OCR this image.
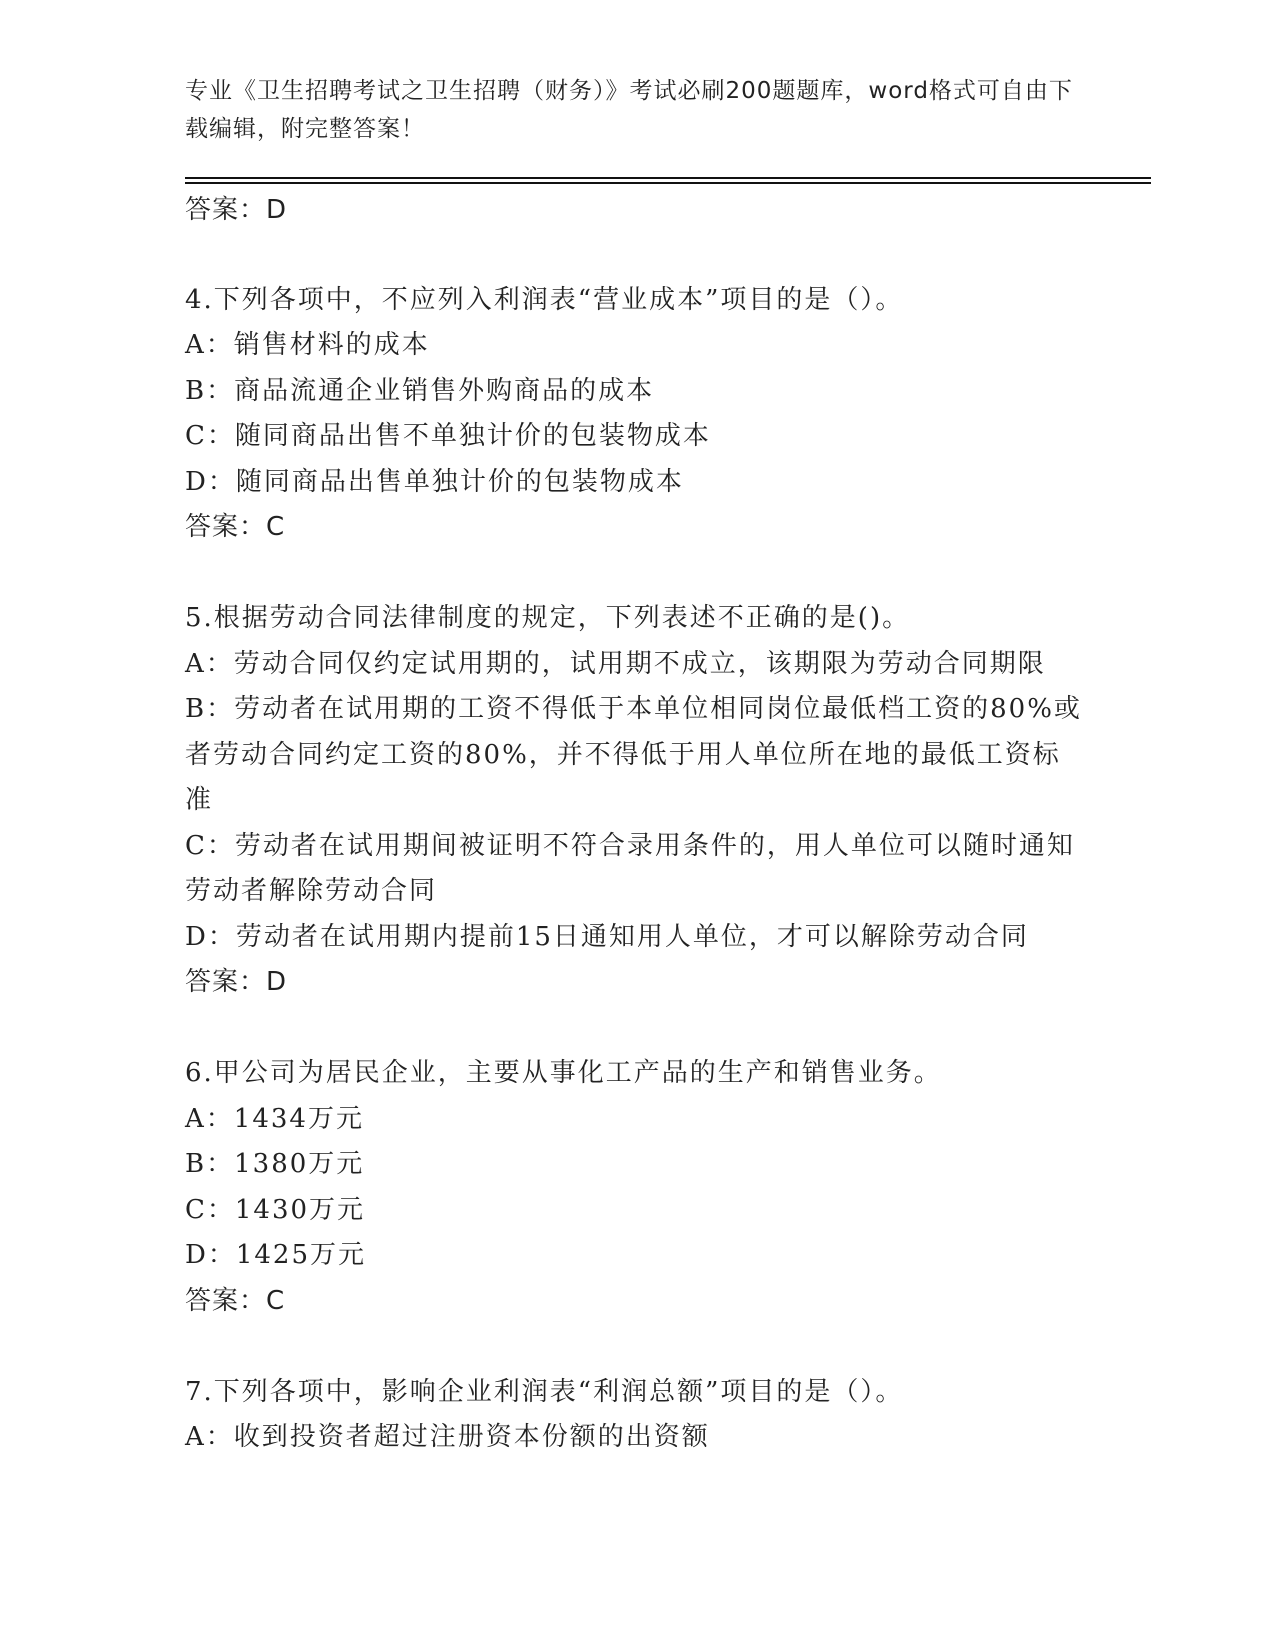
专业《卫生招聘考试之卫生招聘（财务）》考试必刷200题题库，word格式可自由下载编辑，附完整答案！
答案：D
4.下列各项中，不应列入利润表“营业成本”项目的是（）。
A：销售材料的成本
B：商品流通企业销售外购商品的成本
C：随同商品出售不单独计价的包装物成本
D：随同商品出售单独计价的包装物成本
答案：C
5.根据劳动合同法律制度的规定，下列表述不正确的是()。
A：劳动合同仅约定试用期的，试用期不成立，该期限为劳动合同期限
B：劳动者在试用期的工资不得低于本单位相同岗位最低档工资的80%或者劳动合同约定工资的80%，并不得低于用人单位所在地的最低工资标准
C：劳动者在试用期间被证明不符合录用条件的，用人单位可以随时通知劳动者解除劳动合同
D：劳动者在试用期内提前15日通知用人单位，才可以解除劳动合同
答案：D
6.甲公司为居民企业，主要从事化工产品的生产和销售业务。
A：1434万元
B：1380万元
C：1430万元
D：1425万元
答案：C
7.下列各项中，影响企业利润表“利润总额”项目的是（）。
A：收到投资者超过注册资本份额的出资额
